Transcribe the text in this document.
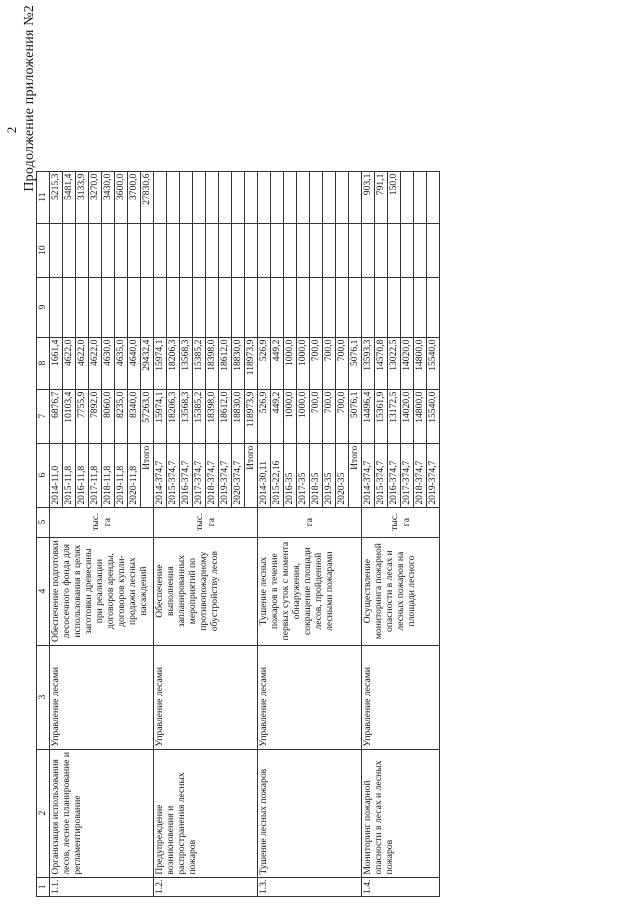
2 Продолжение приложения №2
1	2	3	4	5	6	7	8	9	10	11
1.1.	Организация использования лесов, лесное планирование и регламентирование	Управление лесами	Обеспечение подготовки лесосечного фонда для использования в целях заготовки древесины при реализации договоров аренды, договоров купли-продажи лесных насаждений	тыс. га	2014-11,0	6876,7	1661,4			5215,3
					2015-11,8	10103,4	4622,0			5481,4
					2016-11,8	7755,9	4622,0			3133,9
					2017-11,8	7892,0	4622,0			3270,0
					2018-11,8	8060,0	4630,0			3430,0
					2019-11,8	8235,0	4635,0			3600,0
					2020-11,8	8340,0	4640,0			3700,0
					Итого	57263,0	29432,4			27830,6
1.2.	Предупреждение возникновения и распространения лесных пожаров	Управление лесами	Обеспечение выполнения запланированных мероприятий по противопожарному обустройству лесов	тыс. га	2014-374,7	15974,1	15974,1			
					2015-374,7	18206,3	18206,3			
					2016-374,7	13568,3	13568,3			
					2017-374,7	15385,2	15385,2			
					2018-374,7	18398,0	18398,0			
					2019-374,7	18612,0	18612,0			
					2020-374,7	18830,0	18830,0			
					Итого	118973,9	118973,9			
1.3.	Тушение лесных пожаров	Управление лесами	Тушение лесных пожаров в течение первых суток с момента обнаружения, сокращение площади лесов, пройденной лесными пожарами	га	2014-30,11	526,9	526,9			
					2015-22,16	449,2	449,2			
					2016-35	1000,0	1000,0			
					2017-35	1000,0	1000,0			
					2018-35	700,0	700,0			
					2019-35	700,0	700,0			
					2020-35	700,0	700,0			
					Итого	5076,1	5076,1			
1.4.	Мониторинг пожарной опасности в лесах и лесных пожаров	Управление лесами	Осуществление мониторинга пожарной опасности в лесах и лесных пожаров на площади лесного	тыс. га	2014-374,7	14496,4	13593,3			903,1
					2015-374,7	15361,9	14570,8			791,1
					2016-374,7	13172,5	13022,5			150,0
					2017-374,7	14020,0	14020,0			
					2018-374,7	14800,0	14800,0			
					2019-374,7	15540,0	15540,0			
